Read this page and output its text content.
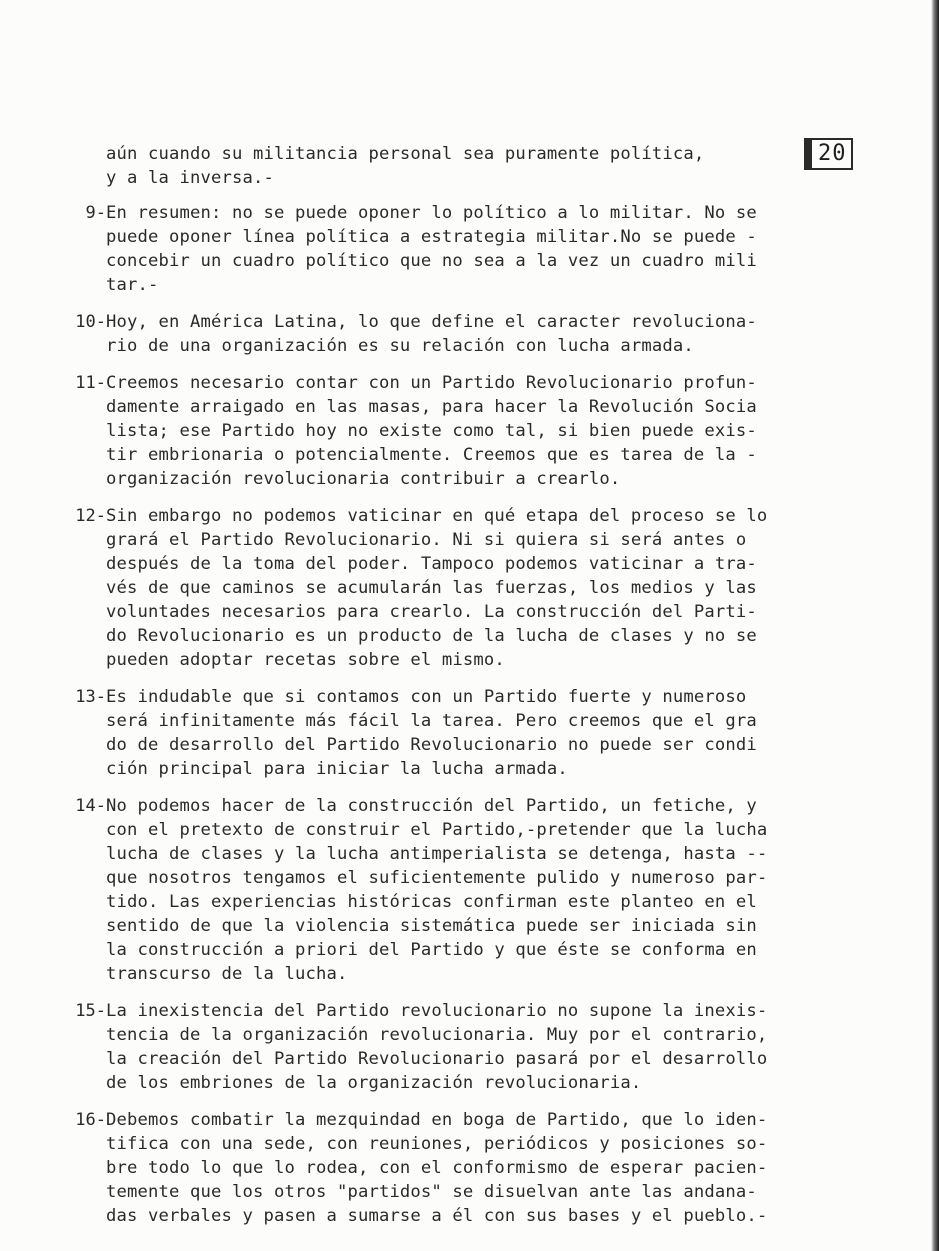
20
aún cuando su militancia personal sea puramente política,
y a la inversa.-
9- En resumen: no se puede oponer lo político a lo militar. No se
puede oponer línea política a estrategia militar.No se puede -
concebir un cuadro político que no sea a la vez un cuadro mili
tar.-
10- Hoy, en América Latina, lo que define el caracter revoluciona-
rio de una organización es su relación con lucha armada.
11- Creemos necesario contar con un Partido Revolucionario profun-
damente arraigado en las masas, para hacer la Revolución Socia
lista; ese Partido hoy no existe como tal, si bien puede exis-
tir embrionaria o potencialmente. Creemos que es tarea de la -
organización revolucionaria contribuir a crearlo.
12- Sin embargo no podemos vaticinar en qué etapa del proceso se lo
grará el Partido Revolucionario. Ni si quiera si será antes o
después de la toma del poder. Tampoco podemos vaticinar a tra-
vés de que caminos se acumularán las fuerzas, los medios y las
voluntades necesarios para crearlo. La construcción del Parti-
do Revolucionario es un producto de la lucha de clases y no se
pueden adoptar recetas sobre el mismo.
13- Es indudable que si contamos con un Partido fuerte y numeroso
será infinitamente más fácil la tarea. Pero creemos que el gra
do de desarrollo del Partido Revolucionario no puede ser condi
ción principal para iniciar la lucha armada.
14- No podemos hacer de la construcción del Partido, un fetiche, y
con el pretexto de construir el Partido,-pretender que la lucha
lucha de clases y la lucha antimperialista se detenga, hasta --
que nosotros tengamos el suficientemente pulido y numeroso par-
tido. Las experiencias históricas confirman este planteo en el
sentido de que la violencia sistemática puede ser iniciada sin
la construcción a priori del Partido y que éste se conforma en
transcurso de la lucha.
15- La inexistencia del Partido revolucionario no supone la inexis-
tencia de la organización revolucionaria. Muy por el contrario,
la creación del Partido Revolucionario pasará por el desarrollo
de los embriones de la organización revolucionaria.
16- Debemos combatir la mezquindad en boga de Partido, que lo iden-
tifica con una sede, con reuniones, periódicos y posiciones so-
bre todo lo que lo rodea, con el conformismo de esperar pacien-
temente que los otros "partidos" se disuelvan ante las andana-
das verbales y pasen a sumarse a él con sus bases y el pueblo.-
